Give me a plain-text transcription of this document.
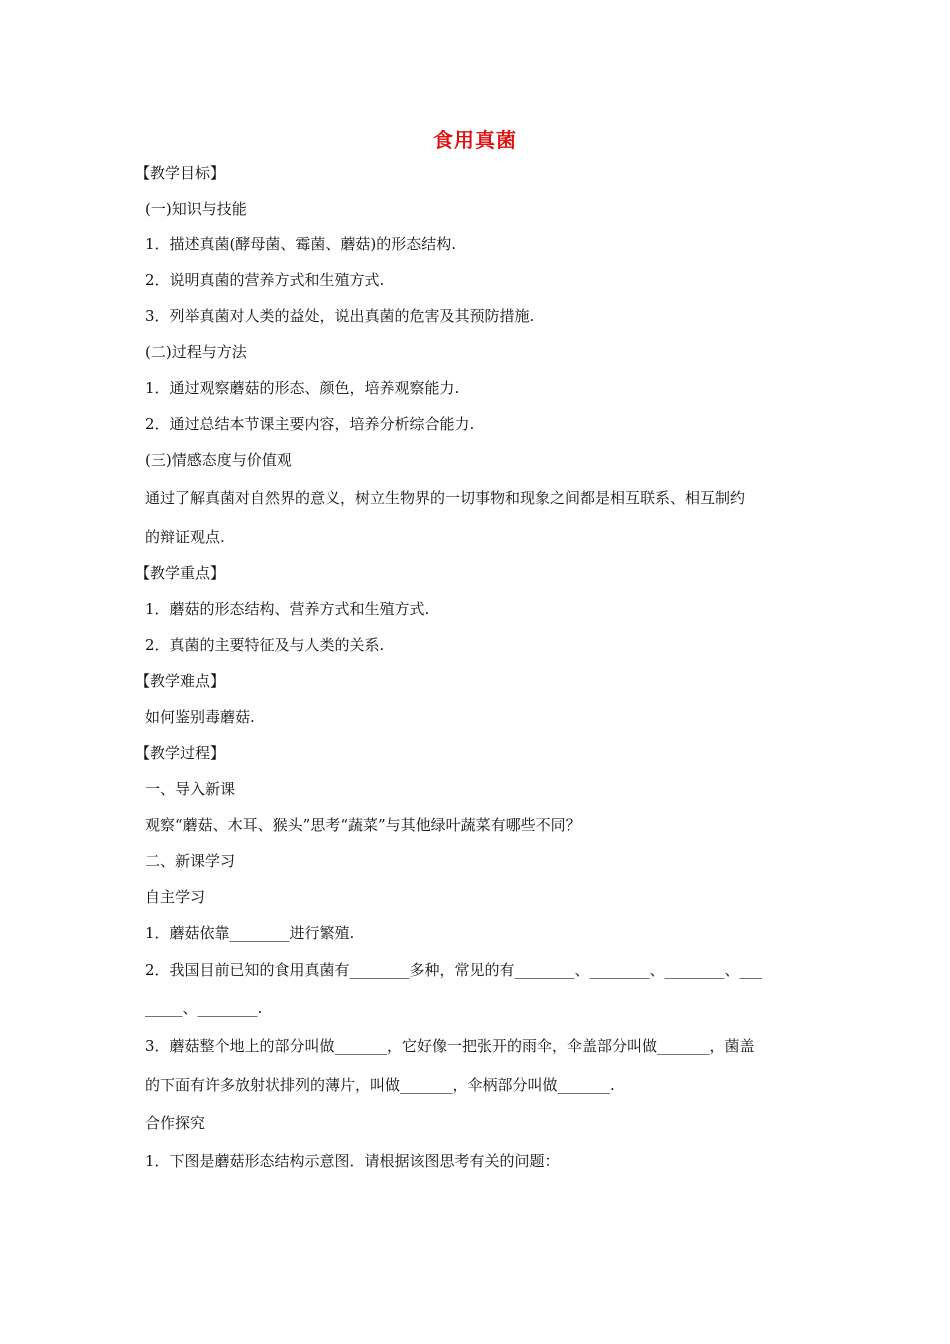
食用真菌
【教学目标】
(一)知识与技能
1．描述真菌(酵母菌、霉菌、蘑菇)的形态结构.
2．说明真菌的营养方式和生殖方式.
3．列举真菌对人类的益处，说出真菌的危害及其预防措施.
(二)过程与方法
1．通过观察蘑菇的形态、颜色，培养观察能力.
2．通过总结本节课主要内容，培养分析综合能力.
(三)情感态度与价值观
通过了解真菌对自然界的意义，树立生物界的一切事物和现象之间都是相互联系、相互制约
的辩证观点.
【教学重点】
1．蘑菇的形态结构、营养方式和生殖方式.
2．真菌的主要特征及与人类的关系.
【教学难点】
如何鉴别毒蘑菇.
【教学过程】
一、导入新课
观察“蘑菇、木耳、猴头”思考“蔬菜”与其他绿叶蔬菜有哪些不同？
二、新课学习
自主学习
1．蘑菇依靠________进行繁殖.
2．我国目前已知的食用真菌有________多种，常见的有________、________、________、___
_____、________.
3．蘑菇整个地上的部分叫做_______，它好像一把张开的雨伞，伞盖部分叫做_______，菌盖
的下面有许多放射状排列的薄片，叫做_______，伞柄部分叫做_______.
合作探究
1．下图是蘑菇形态结构示意图．请根据该图思考有关的问题：
